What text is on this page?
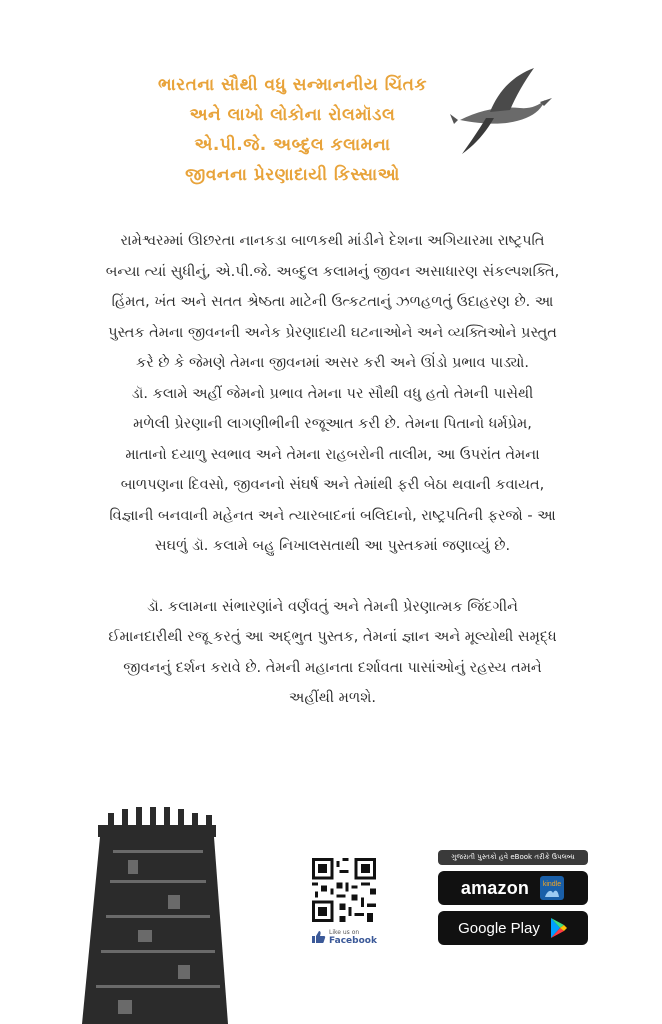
ભારતના સૌથી વધુ સન્માનનીય ચિંતક
અને લાખો લોકોના રોલમૉડલ
એ.પી.જે. અબ્દુલ કલામના
જીવનના પ્રેરણાદાયી કિસ્સાઓ
રામેશ્વરમ્માં ઊછરતા નાનકડા બાળકથી માંડીને દેશના અગિયારમા રાષ્ટ્રપતિ
બન્યા ત્યાં સુધીનું, એ.પી.જે. અબ્દુલ કલામનું જીવન અસાધારણ સંકલ્પશક્તિ,
હિંમત, ખંત અને સતત શ્રેષ્ઠતા માટેની ઉત્કટતાનું ઝળહળતું ઉદાહરણ છે. આ
પુસ્તક તેમના જીવનની અનેક પ્રેરણાદાયી ઘટનાઓને અને વ્યક્તિઓને પ્રસ્તુત
કરે છે કે જેમણે તેમના જીવનમાં અસર કરી અને ઊંડો પ્રભાવ પાડ્યો.
ડૉ. કલામે અહીં જેમનો પ્રભાવ તેમના પર સૌથી વધુ હતો તેમની પાસેથી
મળેલી પ્રેરણાની લાગણીભીની રજૂઆત કરી છે. તેમના પિતાનો ધર્મપ્રેમ,
માતાનો દયાળુ સ્વભાવ અને તેમના રાહબરોની તાલીમ, આ ઉપરાંત તેમના
બાળપણના દિવસો, જીવનનો સંઘર્ષ અને તેમાંથી ફરી બેઠા થવાની કવાયત,
વિજ્ઞાની બનવાની મહેનત અને ત્યારબાદનાં બલિદાનો, રાષ્ટ્રપતિની ફરજો - આ
સઘળું ડૉ. કલામે બહુ નિખાલસતાથી આ પુસ્તકમાં જણાવ્યું છે.
ડૉ. કલામના સંભારણાંને વર્ણવતું અને તેમની પ્રેરણાત્મક જિંદગીને
ઈમાનદારીથી રજૂ કરતું આ અદ્ભુત પુસ્તક, તેમનાં જ્ઞાન અને મૂલ્યોથી સમૃદ્ધ
જીવનનું દર્શન કરાવે છે. તેમની મહાનતા દર્શાવતા પાસાંઓનું રહસ્ય તમને
અહીંથી મળશે.
Like us on
Facebook
ગુજરાતી પુસ્તકો હવે eBook તરીકે ઉપલબ્ધ
amazon kindle
Google Play
